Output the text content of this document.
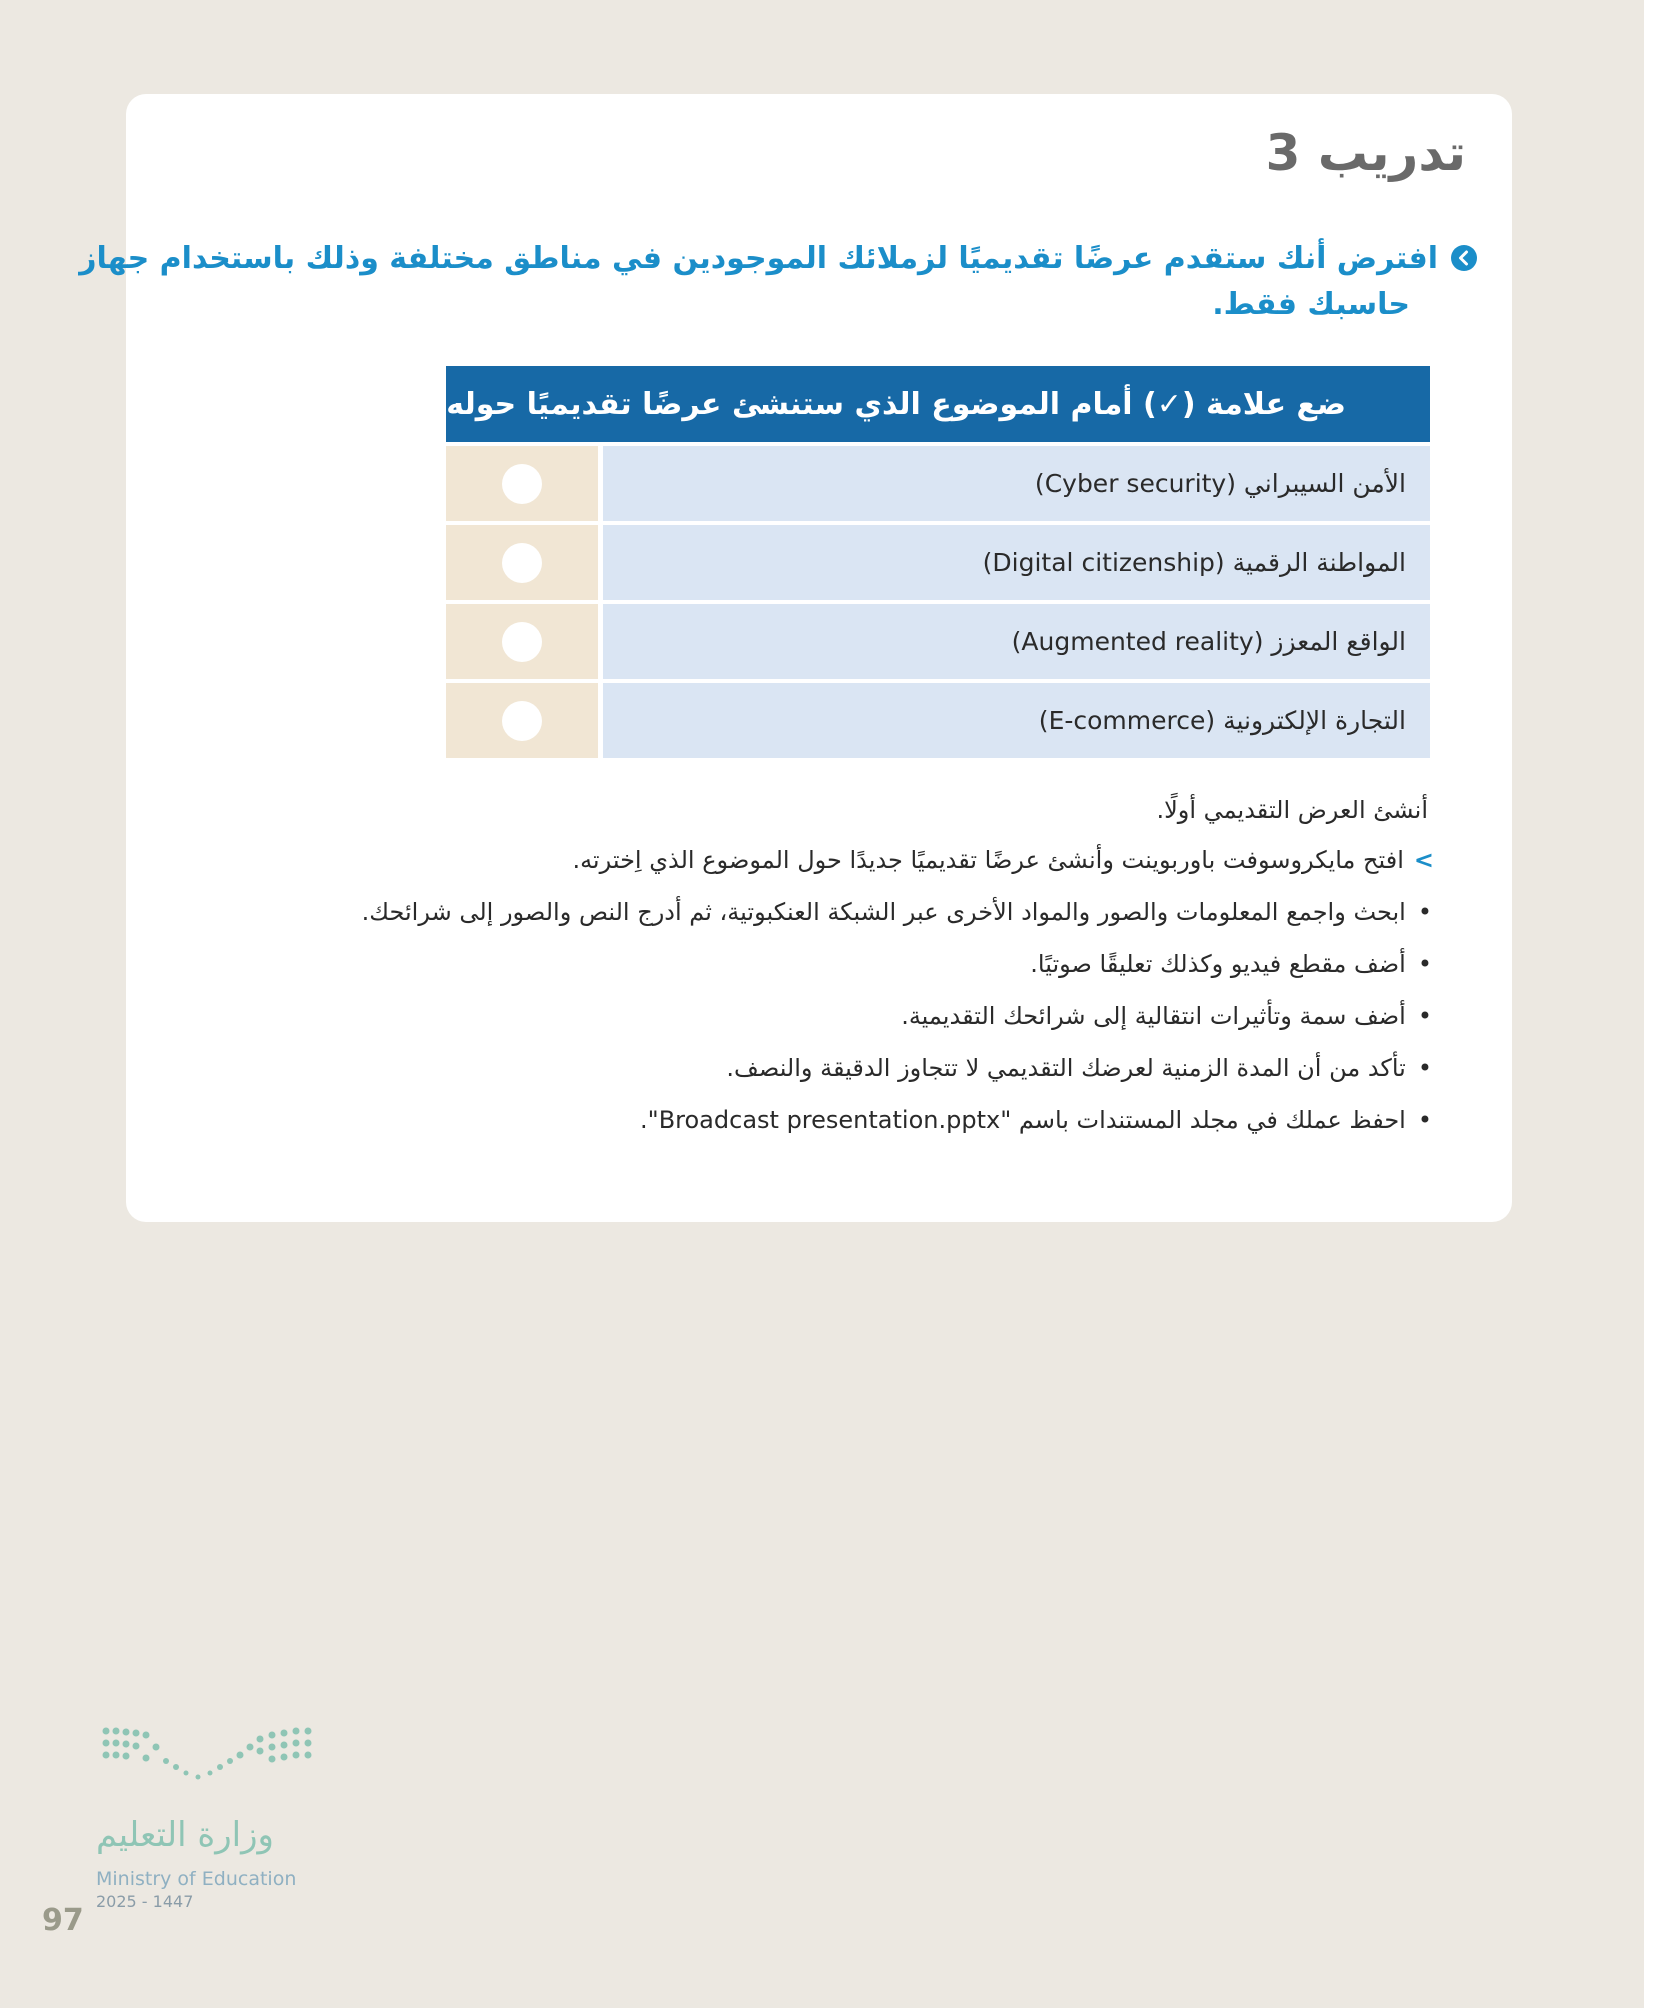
تدريب 3
افترض أنك ستقدم عرضًا تقديميًا لزملائك الموجودين في مناطق مختلفة وذلك باستخدام جهاز
حاسبك فقط.
ضع علامة (✓) أمام الموضوع الذي ستنشئ عرضًا تقديميًا حوله:
الأمن السيبراني (Cyber security)
المواطنة الرقمية (Digital citizenship)
الواقع المعزز (Augmented reality)
التجارة الإلكترونية (E-commerce)
أنشئ العرض التقديمي أولًا.
>افتح مايكروسوفت باوربوينت وأنشئ عرضًا تقديميًا جديدًا حول الموضوع الذي اِخترته.
•ابحث واجمع المعلومات والصور والمواد الأخرى عبر الشبكة العنكبوتية، ثم أدرج النص والصور إلى شرائحك.
•أضف مقطع فيديو وكذلك تعليقًا صوتيًا.
•أضف سمة وتأثيرات انتقالية إلى شرائحك التقديمية.
•تأكد من أن المدة الزمنية لعرضك التقديمي لا تتجاوز الدقيقة والنصف.
•احفظ عملك في مجلد المستندات باسم "Broadcast presentation.pptx".
وزارة التعليم
Ministry of Education
2025 - 1447
97
